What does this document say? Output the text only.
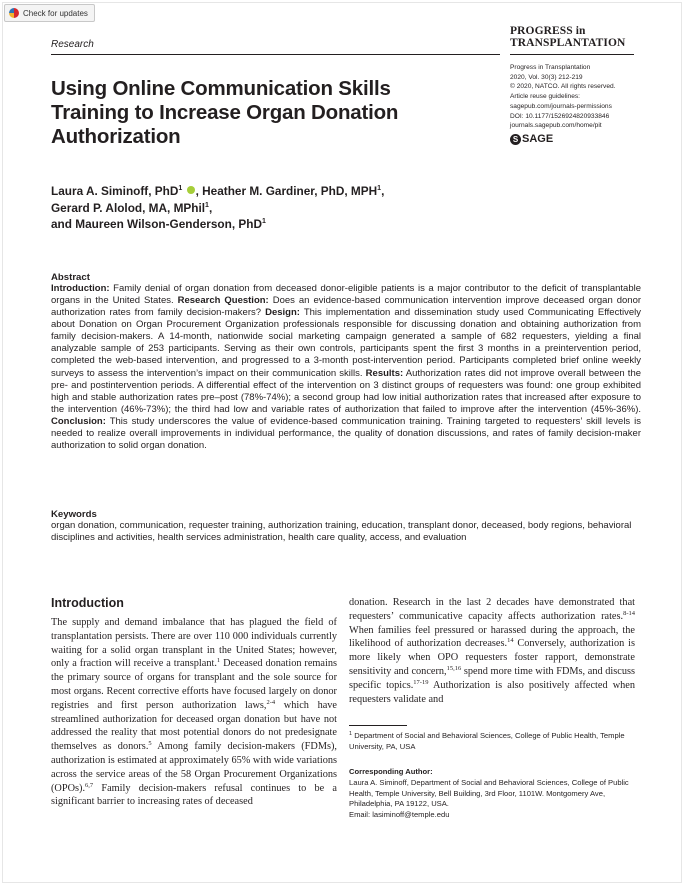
Check for updates
Research
PROGRESS in
TRANSPLANTATION
Progress in Transplantation
2020, Vol. 30(3) 212-219
© 2020, NATCO. All rights reserved.
Article reuse guidelines:
sagepub.com/journals-permissions
DOI: 10.1177/1526924820933846
journals.sagepub.com/home/pit
S SAGE
Using Online Communication Skills Training to Increase Organ Donation Authorization
Laura A. Siminoff, PhD$^1$ , Heather M. Gardiner, PhD, MPH$^1$,
Gerard P. Alolod, MA, MPhil$^1$,
and Maureen Wilson-Genderson, PhD$^1$
Abstract
Introduction: Family denial of organ donation from deceased donor-eligible patients is a major contributor to the deficit of transplantable organs in the United States. Research Question: Does an evidence-based communication intervention improve deceased organ donor authorization rates from family decision-makers? Design: This implementation and dissemination study used Communicating Effectively about Donation on Organ Procurement Organization professionals responsible for discussing donation and obtaining authorization from family decision-makers. A 14-month, nationwide social marketing campaign generated a sample of 682 requesters, yielding a final analyzable sample of 253 participants. Serving as their own controls, participants spent the first 3 months in a preintervention period, completed the web-based intervention, and progressed to a 3-month post-intervention period. Participants completed brief online weekly surveys to assess the intervention’s impact on their communication skills. Results: Authorization rates did not improve overall between the pre- and postintervention periods. A differential effect of the intervention on 3 distinct groups of requesters was found: one group exhibited high and stable authorization rates pre–post (78%-74%); a second group had low initial authorization rates that increased after exposure to the intervention (46%-73%); the third had low and variable rates of authorization that failed to improve after the intervention (45%-36%). Conclusion: This study underscores the value of evidence-based communication training. Training targeted to requesters’ skill levels is needed to realize overall improvements in individual performance, the quality of donation discussions, and rates of family decision-maker authorization to solid organ donation.
Keywords
organ donation, communication, requester training, authorization training, education, transplant donor, deceased, body regions, behavioral disciplines and activities, health services administration, health care quality, access, and evaluation
Introduction
The supply and demand imbalance that has plagued the field of transplantation persists. There are over 110 000 individuals currently waiting for a solid organ transplant in the United States; however, only a fraction will receive a transplant.$^1$ Deceased donation remains the primary source of organs for transplant and the sole source for most organs. Recent corrective efforts have focused largely on donor registries and first person authorization laws,$^{2-4}$ which have streamlined authorization for deceased organ donation but have not addressed the reality that most potential donors do not predesignate themselves as donors.$^5$ Among family decision-makers (FDMs), authorization is estimated at approximately 65% with wide variations across the service areas of the 58 Organ Procurement Organizations (OPOs).$^{6,7}$ Family decision-makers refusal continues to be a significant barrier to increasing rates of deceased
donation. Research in the last 2 decades have demonstrated that requesters’ communicative capacity affects authorization rates.$^{8-14}$ When families feel pressured or harassed during the approach, the likelihood of authorization decreases.$^{14}$ Conversely, authorization is more likely when OPO requesters foster rapport, demonstrate sensitivity and concern,$^{15,16}$ spend more time with FDMs, and discuss specific topics.$^{17-19}$ Authorization is also positively affected when requesters validate and
$^1$ Department of Social and Behavioral Sciences, College of Public Health, Temple University, PA, USA
Corresponding Author:
Laura A. Siminoff, Department of Social and Behavioral Sciences, College of Public Health, Temple University, Bell Building, 3rd Floor, 1101W. Montgomery Ave, Philadelphia, PA 19122, USA.
Email: lasiminoff@temple.edu
